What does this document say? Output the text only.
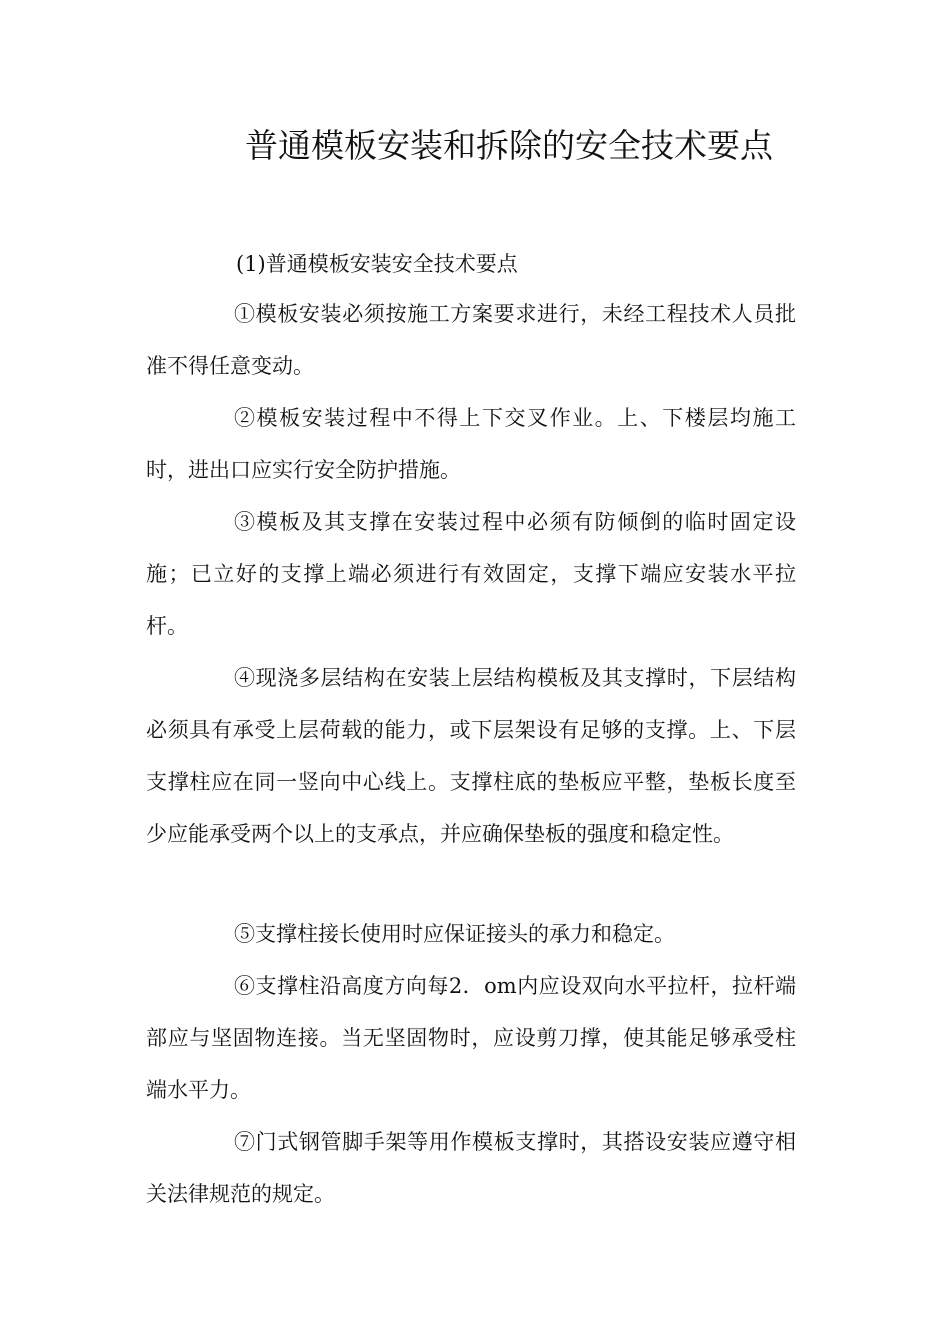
普通模板安装和拆除的安全技术要点

(1)普通模板安装安全技术要点

①模板安装必须按施工方案要求进行，未经工程技术人员批准不得任意变动。

②模板安装过程中不得上下交叉作业。上、下楼层均施工时，进出口应实行安全防护措施。

③模板及其支撑在安装过程中必须有防倾倒的临时固定设施；已立好的支撑上端必须进行有效固定，支撑下端应安装水平拉杆。

④现浇多层结构在安装上层结构模板及其支撑时，下层结构必须具有承受上层荷载的能力，或下层架设有足够的支撑。上、下层支撑柱应在同一竖向中心线上。支撑柱底的垫板应平整，垫板长度至少应能承受两个以上的支承点，并应确保垫板的强度和稳定性。

⑤支撑柱接长使用时应保证接头的承力和稳定。

⑥支撑柱沿高度方向每2．om内应设双向水平拉杆，拉杆端部应与坚固物连接。当无坚固物时，应设剪刀撑，使其能足够承受柱端水平力。

⑦门式钢管脚手架等用作模板支撑时，其搭设安装应遵守相关法律规范的规定。
